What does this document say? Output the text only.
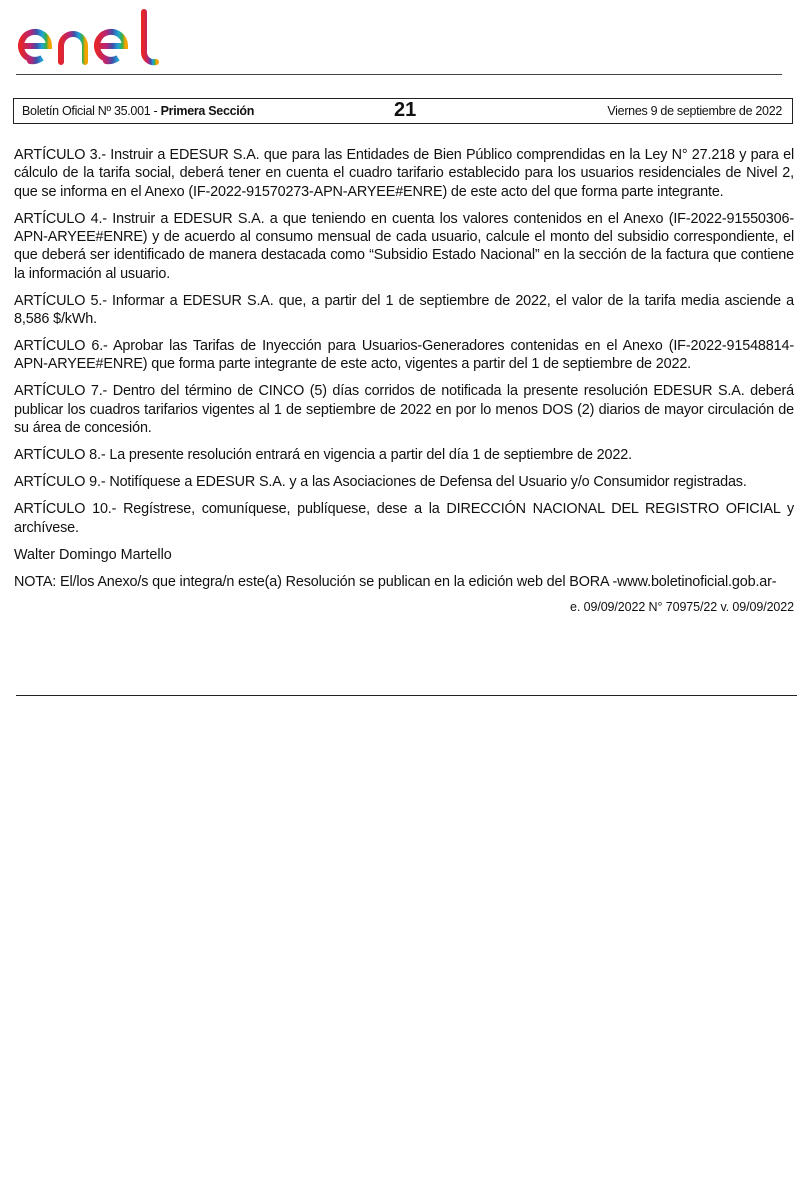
Boletín Oficial Nº 35.001 - Primera Sección	21	Viernes 9 de septiembre de 2022

ARTÍCULO 3.- Instruir a EDESUR S.A. que para las Entidades de Bien Público comprendidas en la Ley N° 27.218 y para el cálculo de la tarifa social, deberá tener en cuenta el cuadro tarifario establecido para los usuarios residenciales de Nivel 2, que se informa en el Anexo (IF-2022-91570273-APN-ARYEE#ENRE) de este acto del que forma parte integrante.

ARTÍCULO 4.- Instruir a EDESUR S.A. a que teniendo en cuenta los valores contenidos en el Anexo (IF-2022-91550306-APN-ARYEE#ENRE) y de acuerdo al consumo mensual de cada usuario, calcule el monto del subsidio correspondiente, el que deberá ser identificado de manera destacada como “Subsidio Estado Nacional” en la sección de la factura que contiene la información al usuario.

ARTÍCULO 5.- Informar a EDESUR S.A. que, a partir del 1 de septiembre de 2022, el valor de la tarifa media asciende a 8,586 $/kWh.

ARTÍCULO 6.- Aprobar las Tarifas de Inyección para Usuarios-Generadores contenidas en el Anexo (IF-2022-91548814-APN-ARYEE#ENRE) que forma parte integrante de este acto, vigentes a partir del 1 de septiembre de 2022.

ARTÍCULO 7.- Dentro del término de CINCO (5) días corridos de notificada la presente resolución EDESUR S.A. deberá publicar los cuadros tarifarios vigentes al 1 de septiembre de 2022 en por lo menos DOS (2) diarios de mayor circulación de su área de concesión.

ARTÍCULO 8.- La presente resolución entrará en vigencia a partir del día 1 de septiembre de 2022.

ARTÍCULO 9.- Notifíquese a EDESUR S.A. y a las Asociaciones de Defensa del Usuario y/o Consumidor registradas.

ARTÍCULO 10.- Regístrese, comuníquese, publíquese, dese a la DIRECCIÓN NACIONAL DEL REGISTRO OFICIAL y archívese.

Walter Domingo Martello

NOTA: El/los Anexo/s que integra/n este(a) Resolución se publican en la edición web del BORA -www.boletinoficial.gob.ar-

e. 09/09/2022 N° 70975/22 v. 09/09/2022
